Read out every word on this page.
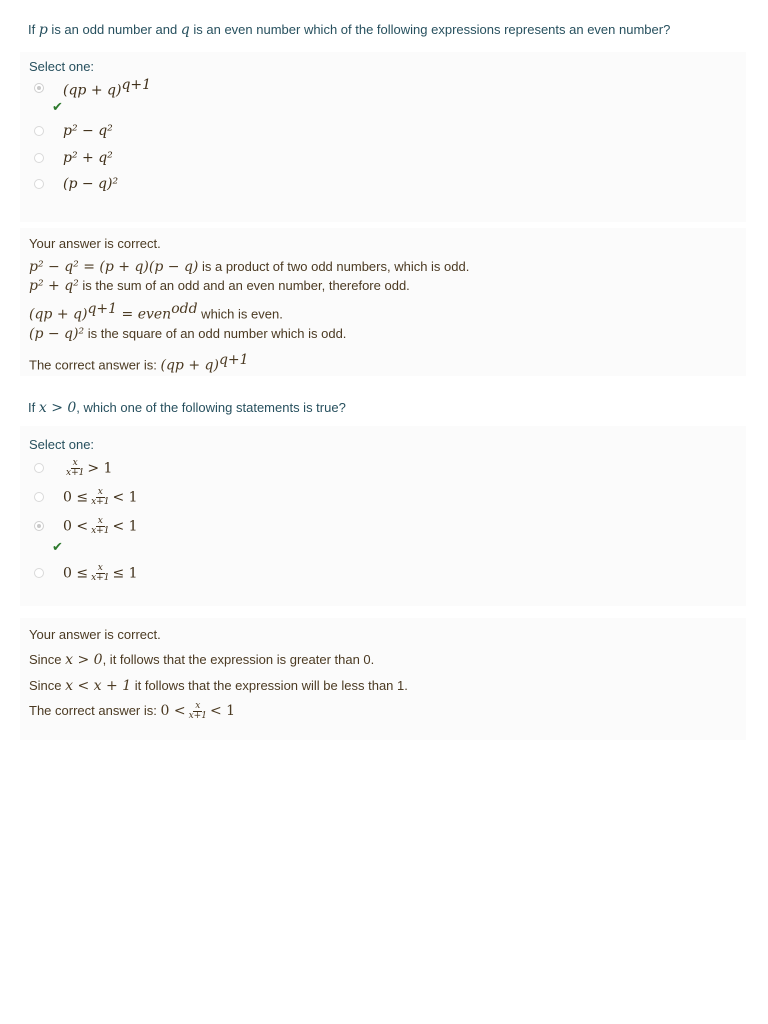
If p is an odd number and q is an even number which of the following expressions represents an even number?
Select one:
(qp + q)$^{q+1}$
✔
p² − q²
p² + q²
(p − q)²
Your answer is correct.
p² − q² = (p + q)(p − q) is a product of two odd numbers, which is odd.
p² + q² is the sum of an odd and an even number, therefore odd.
(qp + q)$^{q+1}$ = even$^{odd}$ which is even.
(p − q)² is the square of an odd number which is odd.
The correct answer is: (qp + q)$^{q+1}$
If x > 0, which one of the following statements is true?
Select one:
$\frac{x}{x+1} > 1$
$0 \le \frac{x}{x+1} < 1$
$0 < \frac{x}{x+1} < 1$
✔
$0 \le \frac{x}{x+1} \le 1$
Your answer is correct.
Since x > 0, it follows that the expression is greater than 0.
Since x < x + 1 it follows that the expression will be less than 1.
The correct answer is: $0 < \frac{x}{x+1} < 1$
